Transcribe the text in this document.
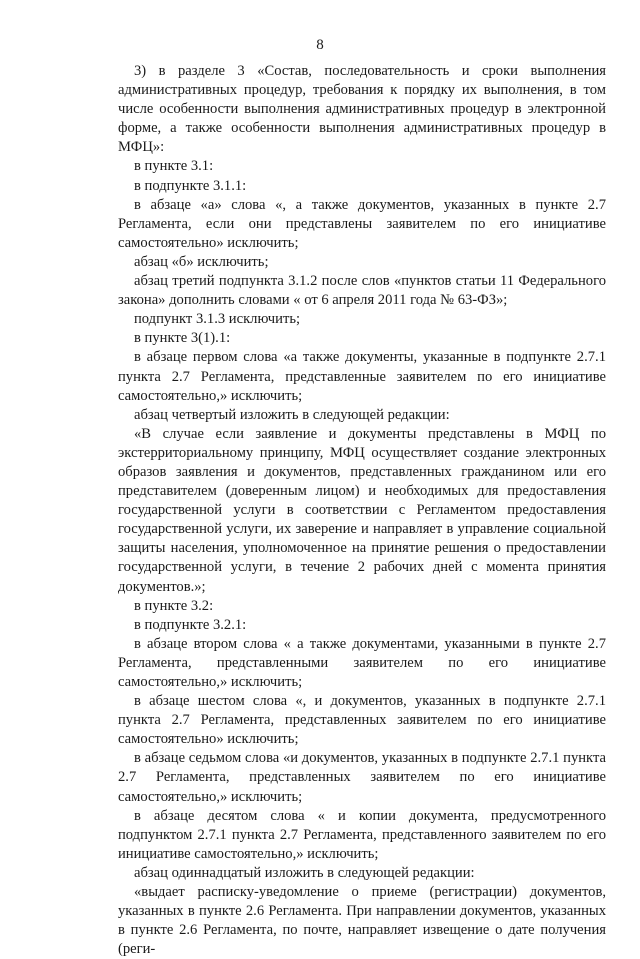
8

3) в разделе 3 «Состав, последовательность и сроки выполнения административных процедур, требования к порядку их выполнения, в том числе особенности выполнения административных процедур в электронной форме, а также особенности выполнения административных процедур в МФЦ»:

в пункте 3.1:

в подпункте 3.1.1:

в абзаце «а» слова «, а также документов, указанных в пункте 2.7 Регламента, если они представлены заявителем по его инициативе самостоятельно» исключить;

абзац «б» исключить;

абзац третий подпункта 3.1.2 после слов «пунктов статьи 11 Федерального закона» дополнить словами « от 6 апреля 2011 года № 63-ФЗ»;

подпункт 3.1.3 исключить;

в пункте 3(1).1:

в абзаце первом слова «а также документы, указанные в подпункте 2.7.1 пункта 2.7 Регламента, представленные заявителем по его инициативе самостоятельно,» исключить;

абзац четвертый изложить в следующей редакции:

«В случае если заявление и документы представлены в МФЦ по экстерриториальному принципу, МФЦ осуществляет создание электронных образов заявления и документов, представленных гражданином или его представителем (доверенным лицом) и необходимых для предоставления государственной услуги в соответствии с Регламентом предоставления государственной услуги, их заверение и направляет в управление социальной защиты населения, уполномоченное на принятие решения о предоставлении государственной услуги, в течение 2 рабочих дней с момента принятия документов.»;

в пункте 3.2:

в подпункте 3.2.1:

в абзаце втором слова « а также документами, указанными в пункте 2.7 Регламента, представленными заявителем по его инициативе самостоятельно,» исключить;

в абзаце шестом слова «, и документов, указанных в подпункте 2.7.1 пункта 2.7 Регламента, представленных заявителем по его инициативе самостоятельно» исключить;

в абзаце седьмом слова «и документов, указанных в подпункте 2.7.1 пункта 2.7 Регламента, представленных заявителем по его инициативе самостоятельно,» исключить;

в абзаце десятом слова « и копии документа, предусмотренного подпунктом 2.7.1 пункта 2.7 Регламента, представленного заявителем по его инициативе самостоятельно,» исключить;

абзац одиннадцатый изложить в следующей редакции:

«выдает расписку-уведомление о приеме (регистрации) документов, указанных в пункте 2.6 Регламента. При направлении документов, указанных в пункте 2.6 Регламента, по почте, направляет извещение о дате получения (реги-
